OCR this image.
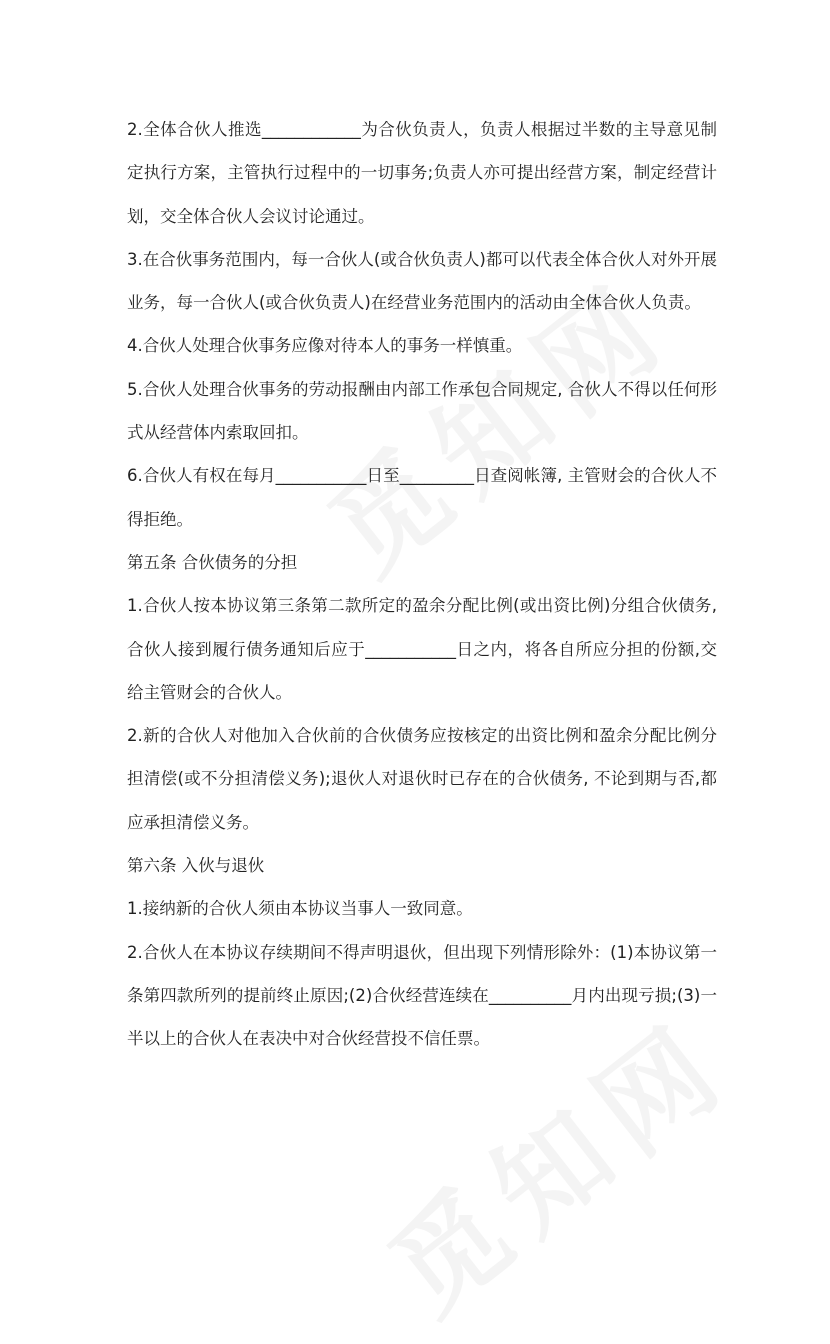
2.全体合伙人推选____________为合伙负责人，负责人根据过半数的主导意见制定执行方案，主管执行过程中的一切事务;负责人亦可提出经营方案，制定经营计划，交全体合伙人会议讨论通过。

3.在合伙事务范围内，每一合伙人(或合伙负责人)都可以代表全体合伙人对外开展业务，每一合伙人(或合伙负责人)在经营业务范围内的活动由全体合伙人负责。

4.合伙人处理合伙事务应像对待本人的事务一样慎重。

5.合伙人处理合伙事务的劳动报酬由内部工作承包合同规定, 合伙人不得以任何形式从经营体内索取回扣。

6.合伙人有权在每月___________日至_________日查阅帐簿, 主管财会的合伙人不得拒绝。

第五条 合伙债务的分担

1.合伙人按本协议第三条第二款所定的盈余分配比例(或出资比例)分组合伙债务,合伙人接到履行债务通知后应于___________日之内，将各自所应分担的份额,交给主管财会的合伙人。

2.新的合伙人对他加入合伙前的合伙债务应按核定的出资比例和盈余分配比例分担清偿(或不分担清偿义务);退伙人对退伙时已存在的合伙债务, 不论到期与否,都应承担清偿义务。

第六条 入伙与退伙

1.接纳新的合伙人须由本协议当事人一致同意。

2.合伙人在本协议存续期间不得声明退伙，但出现下列情形除外：(1)本协议第一条第四款所列的提前终止原因;(2)合伙经营连续在__________月内出现亏损;(3)一半以上的合伙人在表决中对合伙经营投不信任票。
